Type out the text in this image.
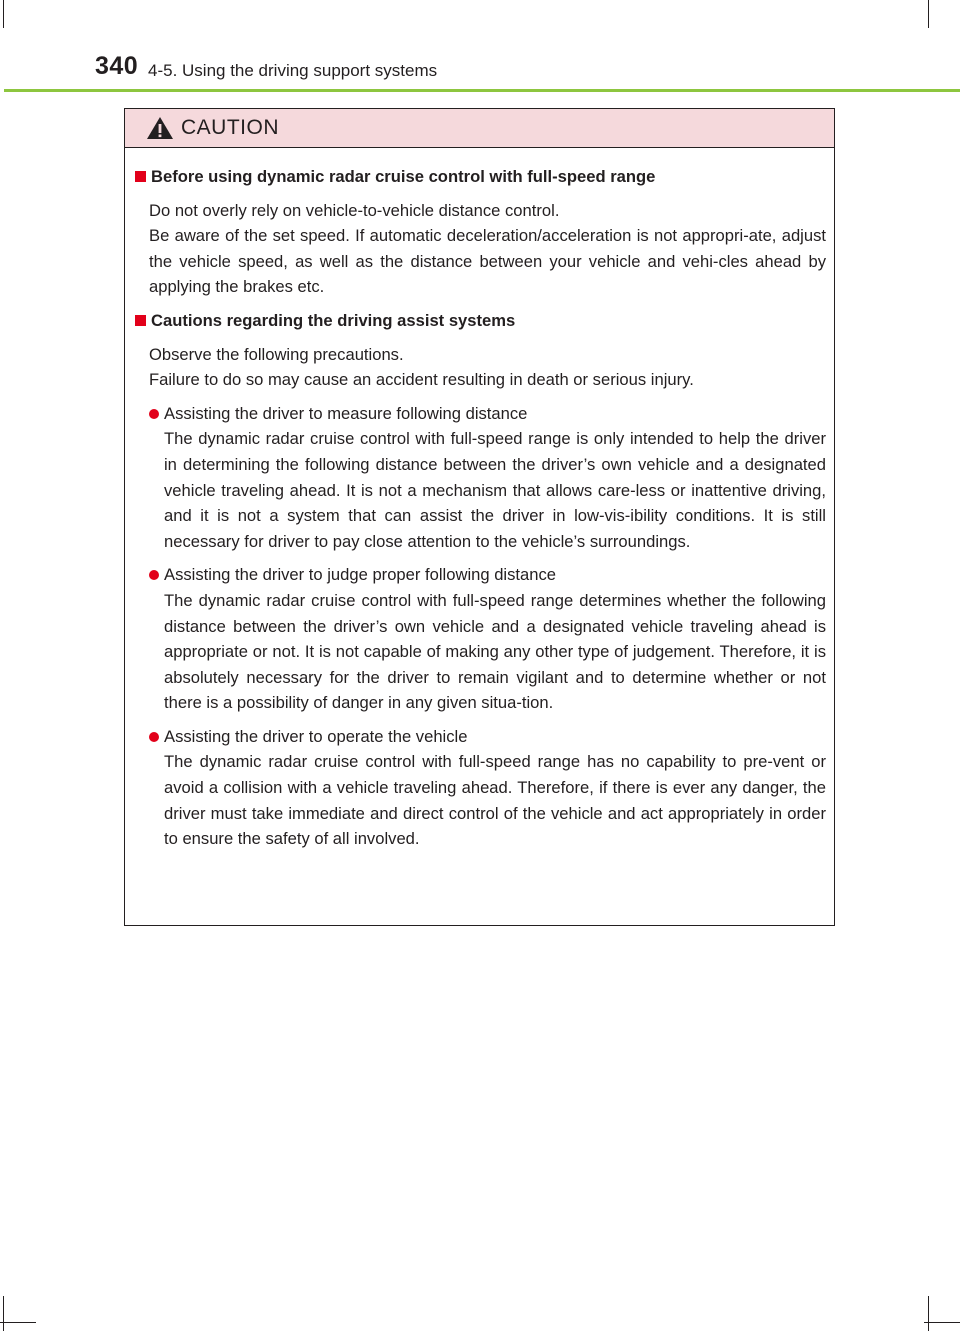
340 4-5. Using the driving support systems
CAUTION
Before using dynamic radar cruise control with full-speed range
Do not overly rely on vehicle-to-vehicle distance control.
Be aware of the set speed. If automatic deceleration/acceleration is not appropri-ate, adjust the vehicle speed, as well as the distance between your vehicle and vehi-cles ahead by applying the brakes etc.
Cautions regarding the driving assist systems
Observe the following precautions.
Failure to do so may cause an accident resulting in death or serious injury.
Assisting the driver to measure following distance
The dynamic radar cruise control with full-speed range is only intended to help the driver in determining the following distance between the driver’s own vehicle and a designated vehicle traveling ahead. It is not a mechanism that allows care-less or inattentive driving, and it is not a system that can assist the driver in low-vis-ibility conditions. It is still necessary for driver to pay close attention to the vehicle’s surroundings.
Assisting the driver to judge proper following distance
The dynamic radar cruise control with full-speed range determines whether the following distance between the driver’s own vehicle and a designated vehicle traveling ahead is appropriate or not. It is not capable of making any other type of judgement. Therefore, it is absolutely necessary for the driver to remain vigilant and to determine whether or not there is a possibility of danger in any given situa-tion.
Assisting the driver to operate the vehicle
The dynamic radar cruise control with full-speed range has no capability to pre-vent or avoid a collision with a vehicle traveling ahead. Therefore, if there is ever any danger, the driver must take immediate and direct control of the vehicle and act appropriately in order to ensure the safety of all involved.
